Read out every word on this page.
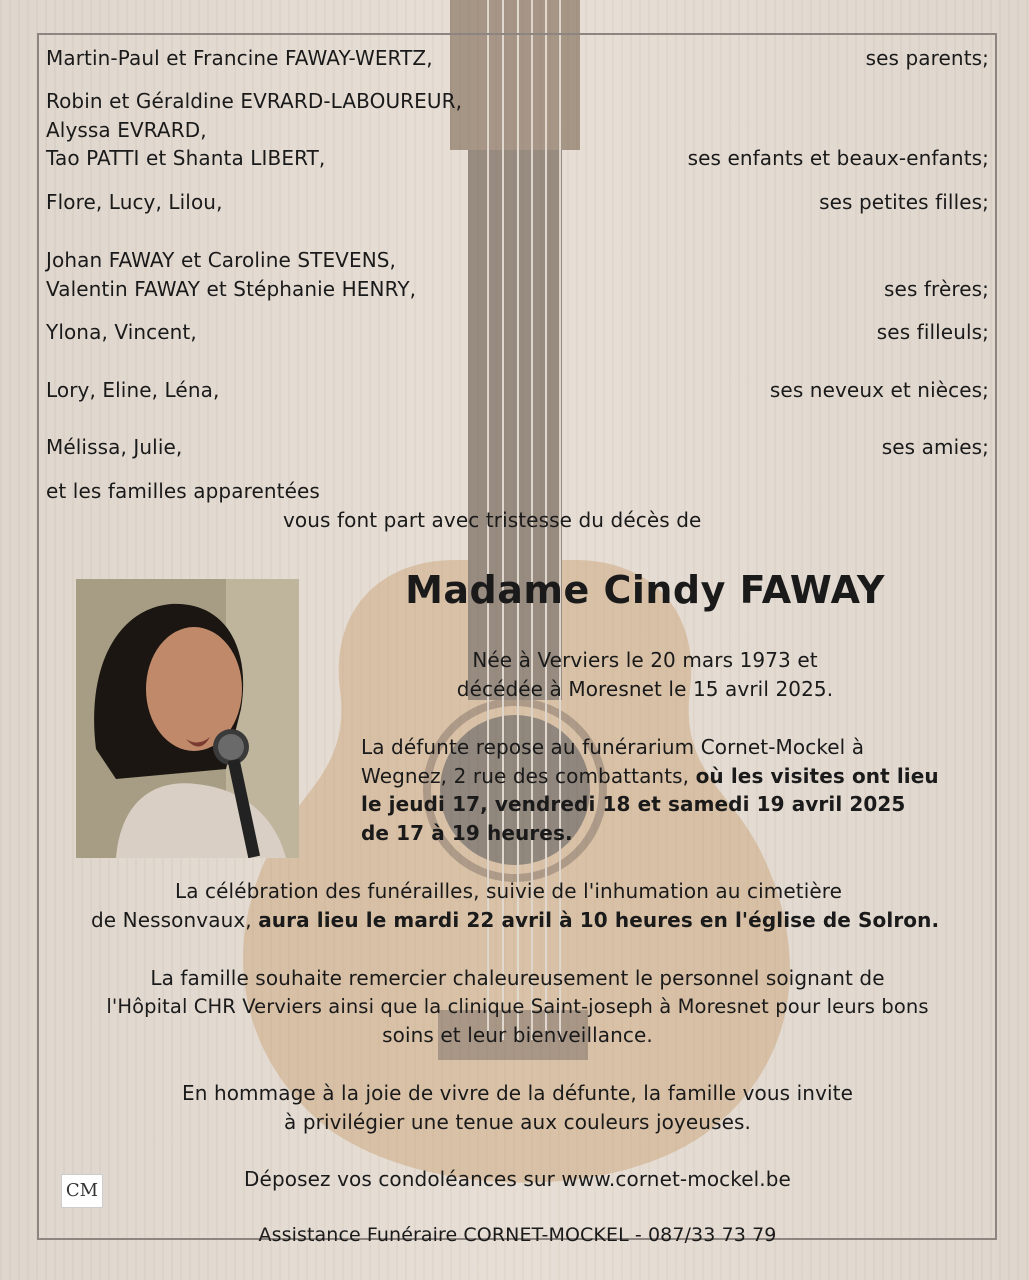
Martin-Paul et Francine FAWAY-WERTZ,	ses parents;
Robin et Géraldine EVRARD-LABOUREUR,
Alyssa EVRARD,
Tao PATTI et Shanta LIBERT,	ses enfants et beaux-enfants;
Flore, Lucy, Lilou,	ses petites filles;
Johan FAWAY et Caroline STEVENS,
Valentin FAWAY et Stéphanie HENRY,	ses frères;
Ylona, Vincent,	ses filleuls;
Lory, Eline, Léna,	ses neveux et nièces;
Mélissa, Julie,	ses amies;
et les familles apparentées
vous font part avec tristesse du décès de
Madame Cindy FAWAY
Née à Verviers le 20 mars 1973 et
décédée à Moresnet le 15 avril 2025.
La défunte repose au funérarium Cornet-Mockel à
Wegnez, 2 rue des combattants, où les visites ont lieu
le jeudi 17, vendredi 18 et samedi 19 avril 2025
de 17 à 19 heures.
La célébration des funérailles, suivie de l'inhumation au cimetière
de Nessonvaux, aura lieu le mardi 22 avril à 10 heures en l'église de Solron.
La famille souhaite remercier chaleureusement le personnel soignant de
l'Hôpital CHR Verviers ainsi que la clinique Saint-joseph à Moresnet pour leurs bons
soins et leur bienveillance.
En hommage à la joie de vivre de la défunte, la famille vous invite
à privilégier une tenue aux couleurs joyeuses.
CM	Déposez vos condoléances sur www.cornet-mockel.be
Assistance Funéraire CORNET-MOCKEL - 087/33 73 79
